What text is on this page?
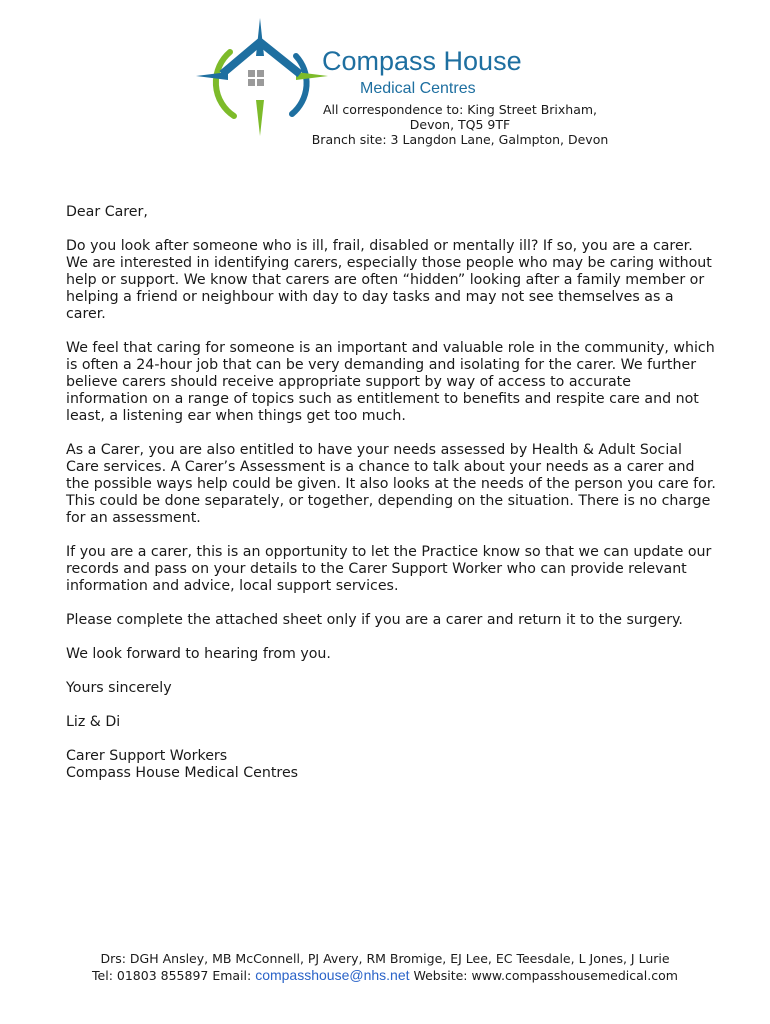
Compass House
Medical Centres
All correspondence to: King Street Brixham,
Devon, TQ5 9TF
Branch site: 3 Langdon Lane, Galmpton, Devon

Dear Carer,

Do you look after someone who is ill, frail, disabled or mentally ill? If so, you are a carer. We are interested in identifying carers, especially those people who may be caring without help or support. We know that carers are often “hidden” looking after a family member or helping a friend or neighbour with day to day tasks and may not see themselves as a carer.

We feel that caring for someone is an important and valuable role in the community, which is often a 24-hour job that can be very demanding and isolating for the carer. We further believe carers should receive appropriate support by way of access to accurate information on a range of topics such as entitlement to benefits and respite care and not least, a listening ear when things get too much.

As a Carer, you are also entitled to have your needs assessed by Health & Adult Social Care services. A Carer’s Assessment is a chance to talk about your needs as a carer and the possible ways help could be given. It also looks at the needs of the person you care for. This could be done separately, or together, depending on the situation. There is no charge for an assessment.

If you are a carer, this is an opportunity to let the Practice know so that we can update our records and pass on your details to the Carer Support Worker who can provide relevant information and advice, local support services.

Please complete the attached sheet only if you are a carer and return it to the surgery.

We look forward to hearing from you.

Yours sincerely

Liz & Di

Carer Support Workers
Compass House Medical Centres
Drs: DGH Ansley, MB McConnell, PJ Avery, RM Bromige, EJ Lee, EC Teesdale, L Jones, J Lurie
Tel: 01803 855897 Email: compasshouse@nhs.net Website: www.compasshousemedical.com
